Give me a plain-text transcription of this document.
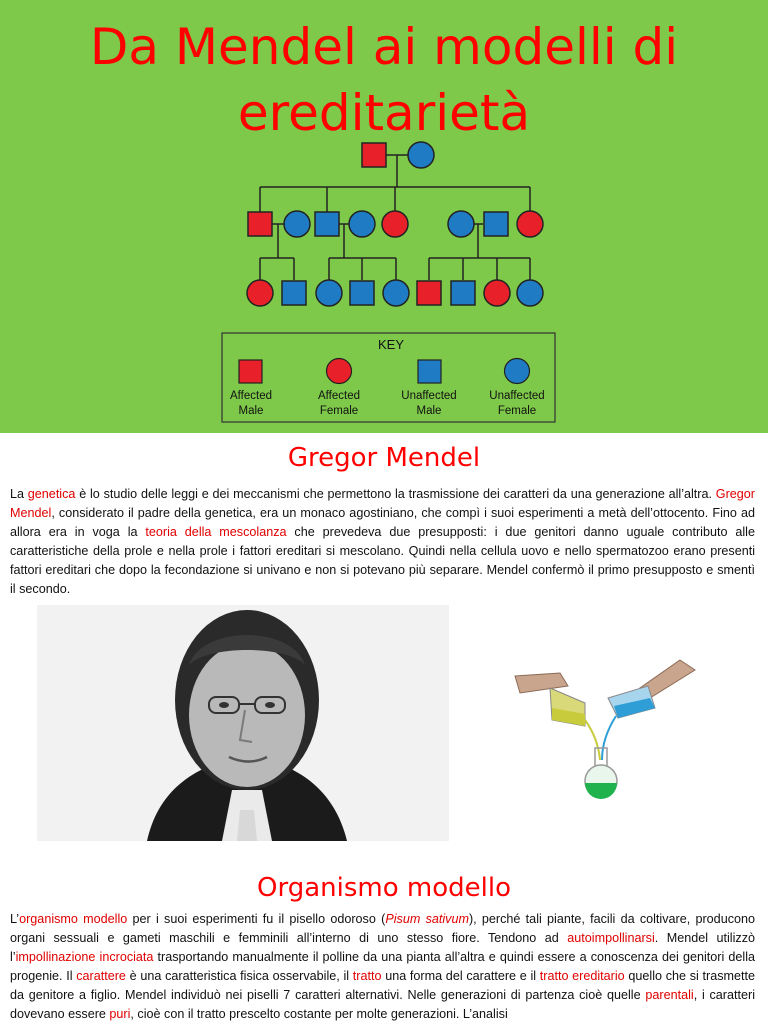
Da Mendel ai modelli di ereditarietà
KEY
Affected
Male
Affected
Female
Unaffected
Male
Unaffected
Female
Gregor Mendel
La genetica è lo studio delle leggi e dei meccanismi che permettono la trasmissione dei caratteri da una generazione all’altra. Gregor Mendel, considerato il padre della genetica, era un monaco agostiniano, che compì i suoi esperimenti a metà dell’ottocento. Fino ad allora era in voga la teoria della mescolanza che prevedeva due presupposti: i due genitori danno uguale contributo alle caratteristiche della prole e nella prole i fattori ereditari si mescolano. Quindi nella cellula uovo e nello spermatozoo erano presenti fattori ereditari che dopo la fecondazione si univano e non si potevano più separare. Mendel confermò il primo presupposto e smentì il secondo.
Organismo modello
L’organismo modello per i suoi esperimenti fu il pisello odoroso (Pisum sativum), perché tali piante, facili da coltivare, producono organi sessuali e gameti maschili e femminili all’interno di uno stesso fiore. Tendono ad autoimpollinarsi. Mendel utilizzò l’impollinazione incrociata trasportando manualmente il polline da una pianta all’altra e quindi essere a conoscenza dei genitori della progenie. Il carattere è una caratteristica fisica osservabile, il tratto una forma del carattere e il tratto ereditario quello che si trasmette da genitore a figlio. Mendel individuò nei piselli 7 caratteri alternativi. Nelle generazioni di partenza cioè quelle parentali, i caratteri dovevano essere puri, cioè con il tratto prescelto costante per molte generazioni. L’analisi
